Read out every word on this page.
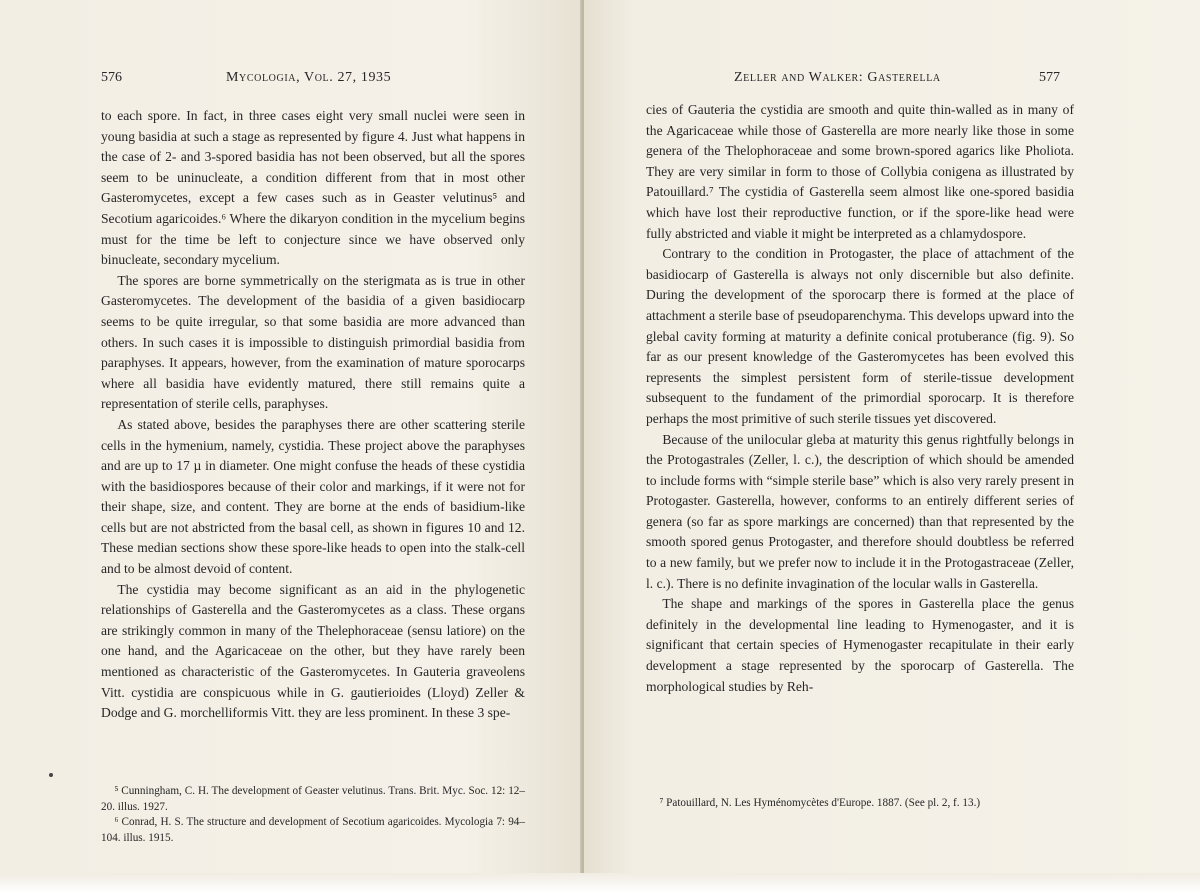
576	Mycologia, Vol. 27, 1935

to each spore. In fact, in three cases eight very small nuclei were seen in young basidia at such a stage as represented by figure 4. Just what happens in the case of 2- and 3-spored basidia has not been observed, but all the spores seem to be uninucleate, a condition different from that in most other Gasteromycetes, except a few cases such as in Geaster velutinus⁵ and Secotium agaricoides.⁶ Where the dikaryon condition in the mycelium begins must for the time be left to conjecture since we have observed only binucleate, secondary mycelium.

The spores are borne symmetrically on the sterigmata as is true in other Gasteromycetes. The development of the basidia of a given basidiocarp seems to be quite irregular, so that some basidia are more advanced than others. In such cases it is impossible to distinguish primordial basidia from paraphyses. It appears, however, from the examination of mature sporocarps where all basidia have evidently matured, there still remains quite a representation of sterile cells, paraphyses.

As stated above, besides the paraphyses there are other scattering sterile cells in the hymenium, namely, cystidia. These project above the paraphyses and are up to 17 µ in diameter. One might confuse the heads of these cystidia with the basidiospores because of their color and markings, if it were not for their shape, size, and content. They are borne at the ends of basidium-like cells but are not abstricted from the basal cell, as shown in figures 10 and 12. These median sections show these spore-like heads to open into the stalk-cell and to be almost devoid of content.

The cystidia may become significant as an aid in the phylogenetic relationships of Gasterella and the Gasteromycetes as a class. These organs are strikingly common in many of the Thelephoraceae (sensu latiore) on the one hand, and the Agaricaceae on the other, but they have rarely been mentioned as characteristic of the Gasteromycetes. In Gauteria graveolens Vitt. cystidia are conspicuous while in G. gautierioides (Lloyd) Zeller & Dodge and G. morchelliformis Vitt. they are less prominent. In these 3 spe-

⁵ Cunningham, C. H. The development of Geaster velutinus. Trans. Brit. Myc. Soc. 12: 12–20. illus. 1927.

⁶ Conrad, H. S. The structure and development of Secotium agaricoides. Mycologia 7: 94–104. illus. 1915.

Zeller and Walker: Gasterella	577

cies of Gauteria the cystidia are smooth and quite thin-walled as in many of the Agaricaceae while those of Gasterella are more nearly like those in some genera of the Thelophoraceae and some brown-spored agarics like Pholiota. They are very similar in form to those of Collybia conigena as illustrated by Patouillard.⁷ The cystidia of Gasterella seem almost like one-spored basidia which have lost their reproductive function, or if the spore-like head were fully abstricted and viable it might be interpreted as a chlamydospore.

Contrary to the condition in Protogaster, the place of attachment of the basidiocarp of Gasterella is always not only discernible but also definite. During the development of the sporocarp there is formed at the place of attachment a sterile base of pseudoparenchyma. This develops upward into the glebal cavity forming at maturity a definite conical protuberance (fig. 9). So far as our present knowledge of the Gasteromycetes has been evolved this represents the simplest persistent form of sterile-tissue development subsequent to the fundament of the primordial sporocarp. It is therefore perhaps the most primitive of such sterile tissues yet discovered.

Because of the unilocular gleba at maturity this genus rightfully belongs in the Protogastrales (Zeller, l. c.), the description of which should be amended to include forms with “simple sterile base” which is also very rarely present in Protogaster. Gasterella, however, conforms to an entirely different series of genera (so far as spore markings are concerned) than that represented by the smooth spored genus Protogaster, and therefore should doubtless be referred to a new family, but we prefer now to include it in the Protogastraceae (Zeller, l. c.). There is no definite invagination of the locular walls in Gasterella.

The shape and markings of the spores in Gasterella place the genus definitely in the developmental line leading to Hymenogaster, and it is significant that certain species of Hymenogaster recapitulate in their early development a stage represented by the sporocarp of Gasterella. The morphological studies by Reh-

⁷ Patouillard, N. Les Hyménomycètes d'Europe. 1887. (See pl. 2, f. 13.)
